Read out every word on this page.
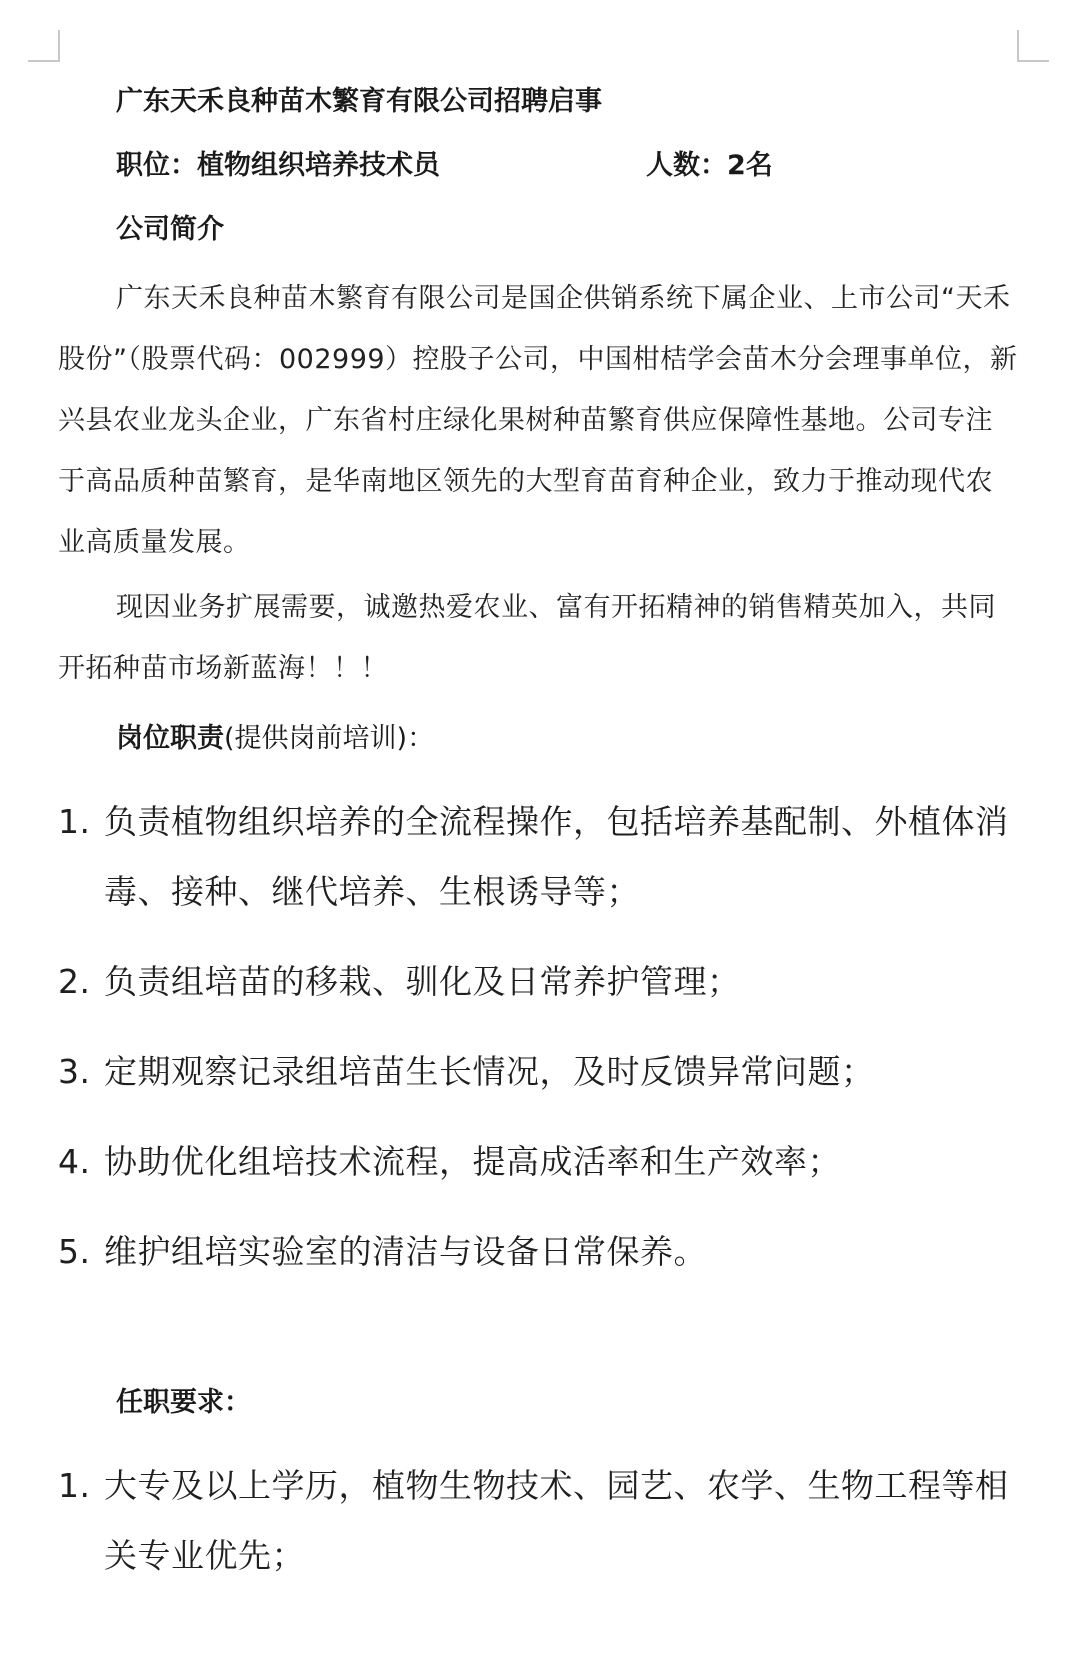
广东天禾良种苗木繁育有限公司招聘启事
职位：植物组织培养技术员	人数：2名
公司简介

广东天禾良种苗木繁育有限公司是国企供销系统下属企业、上市公司“天禾股份”（股票代码：002999）控股子公司，中国柑桔学会苗木分会理事单位，新兴县农业龙头企业，广东省村庄绿化果树种苗繁育供应保障性基地。公司专注于高品质种苗繁育，是华南地区领先的大型育苗育种企业，致力于推动现代农业高质量发展。

现因业务扩展需要，诚邀热爱农业、富有开拓精神的销售精英加入，共同开拓种苗市场新蓝海！！！

岗位职责(提供岗前培训)：
1. 负责植物组织培养的全流程操作，包括培养基配制、外植体消毒、接种、继代培养、生根诱导等；
2. 负责组培苗的移栽、驯化及日常养护管理；
3. 定期观察记录组培苗生长情况，及时反馈异常问题；
4. 协助优化组培技术流程，提高成活率和生产效率；
5. 维护组培实验室的清洁与设备日常保养。
任职要求：
1. 大专及以上学历，植物生物技术、园艺、农学、生物工程等相关专业优先；
